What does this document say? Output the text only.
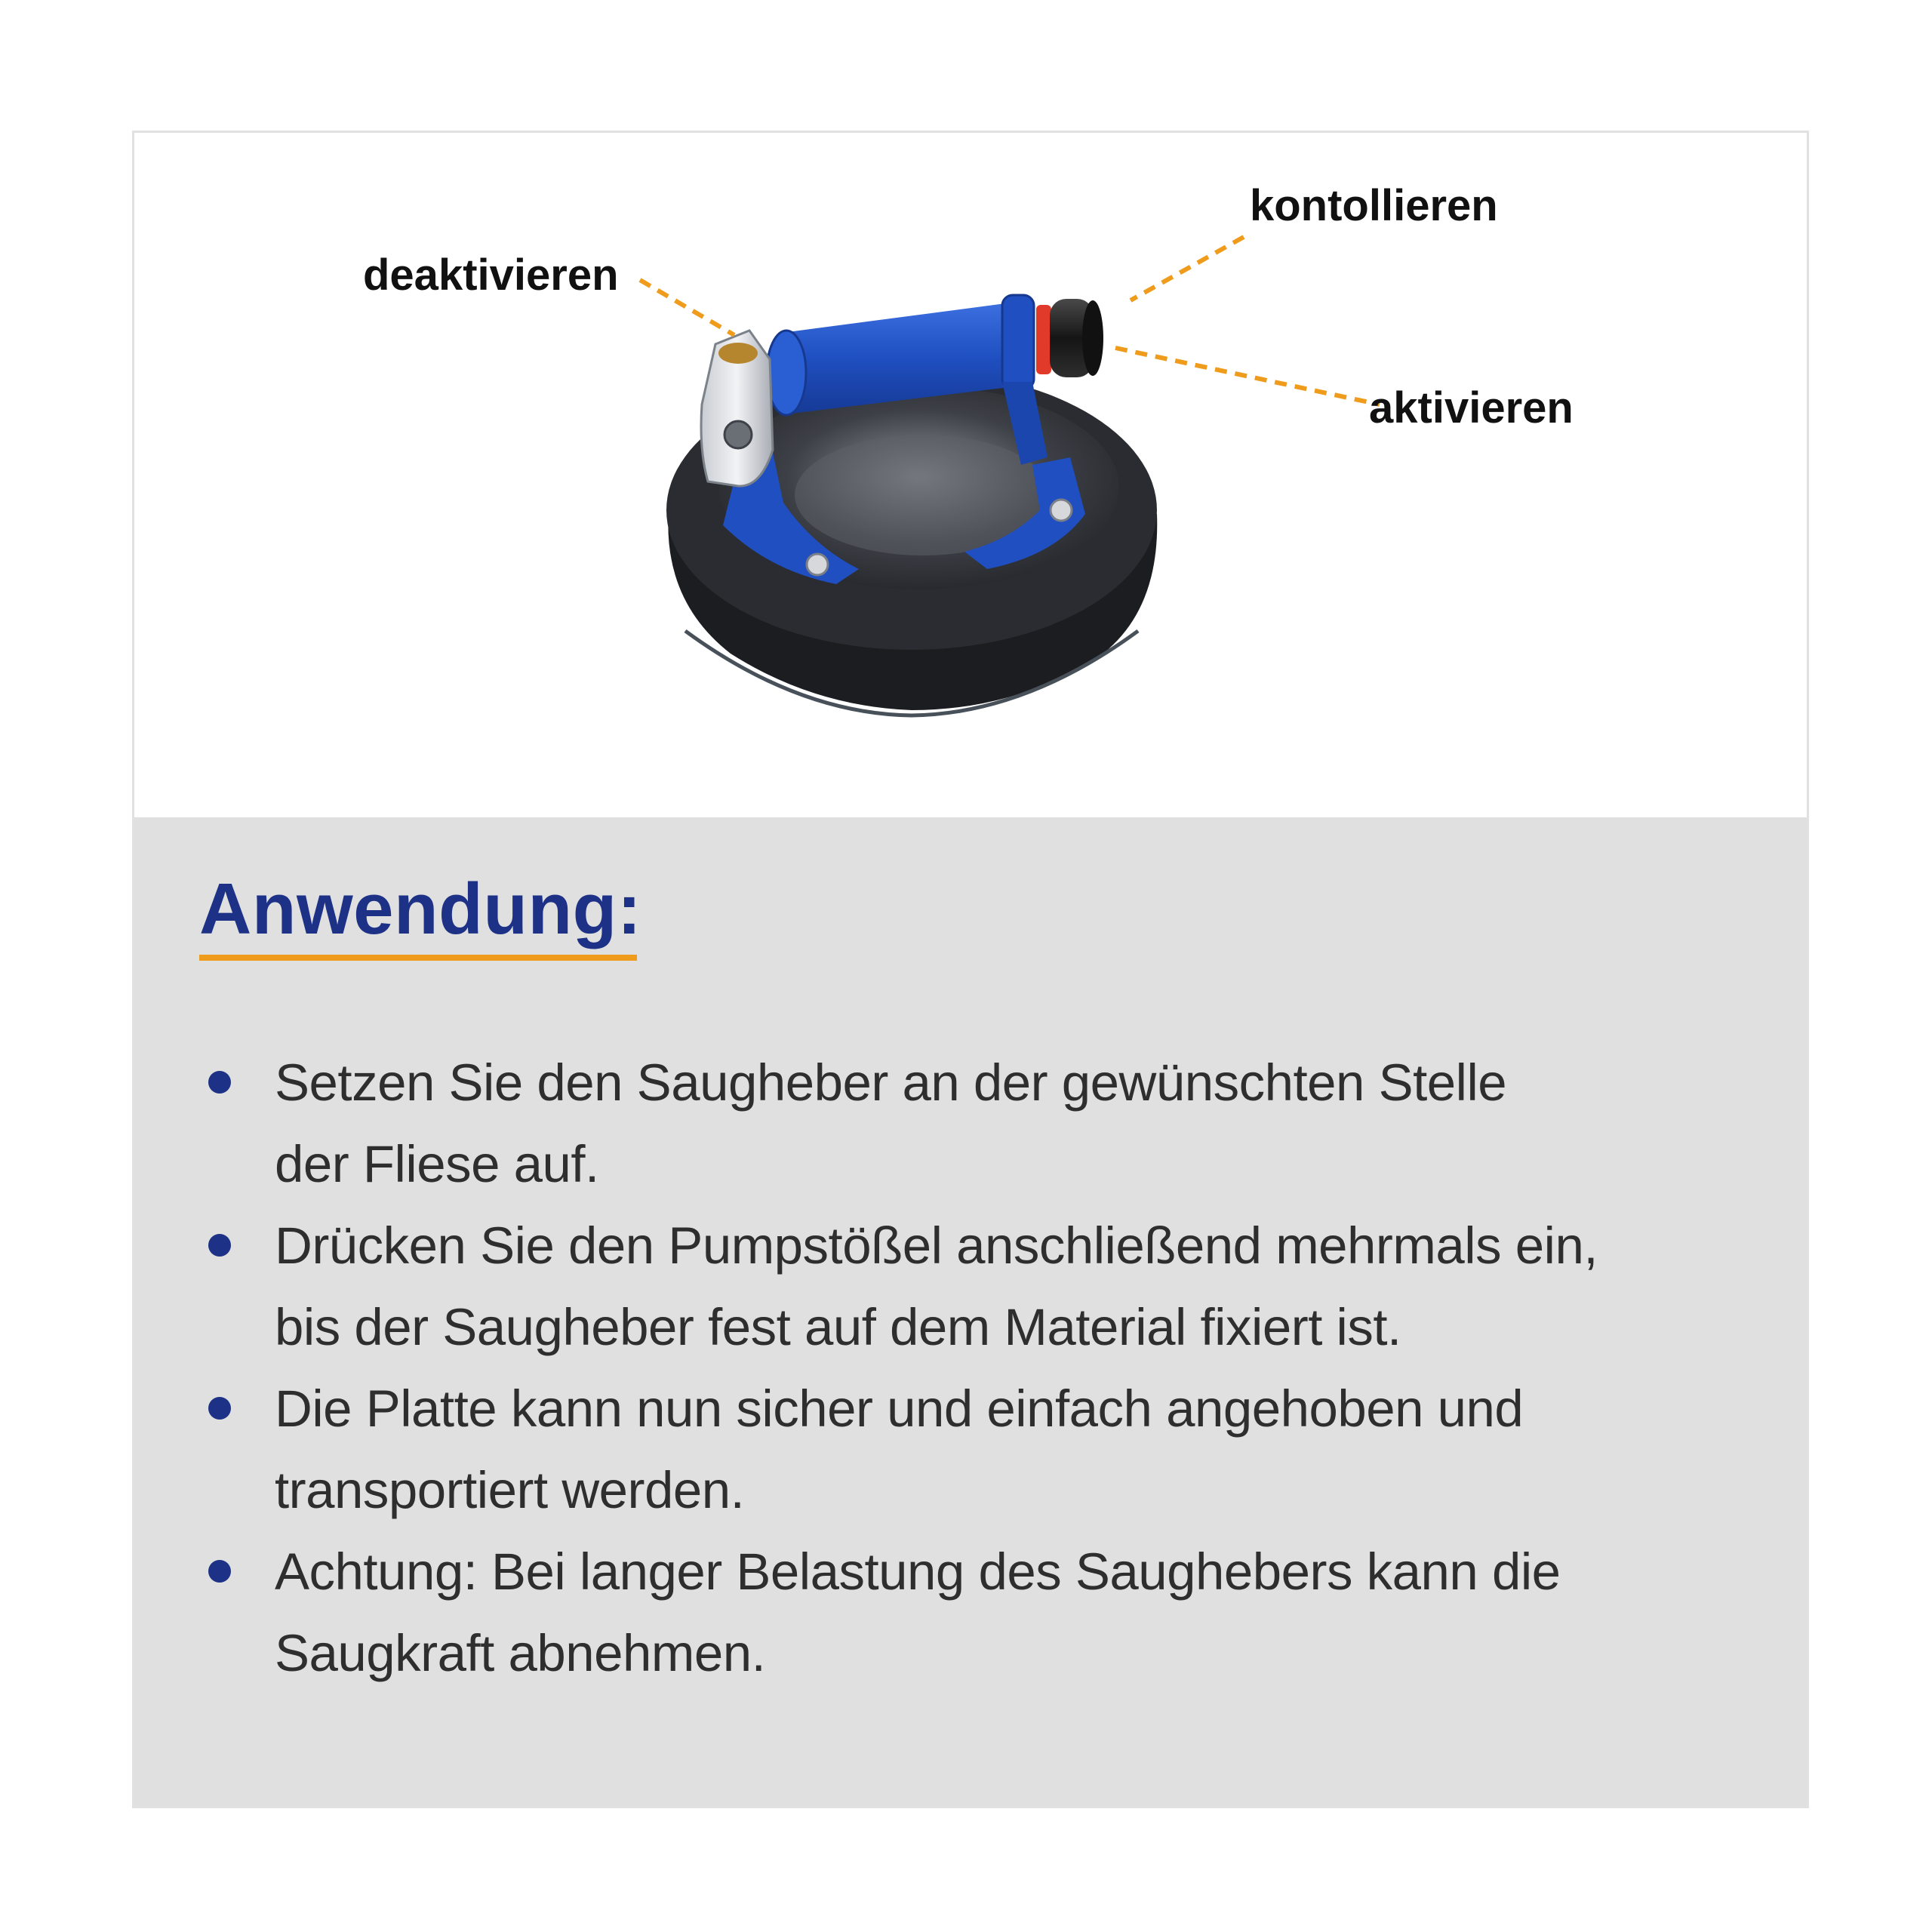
kontollieren
deaktivieren
aktivieren
Anwendung:
Setzen Sie den Saugheber an der gewünschten Stelle
der Fliese auf.
Drücken Sie den Pumpstößel anschließend mehrmals ein,
bis der Saugheber fest auf dem Material fixiert ist.
Die Platte kann nun sicher und einfach angehoben und
transportiert werden.
Achtung: Bei langer Belastung des Saughebers kann die
Saugkraft abnehmen.
